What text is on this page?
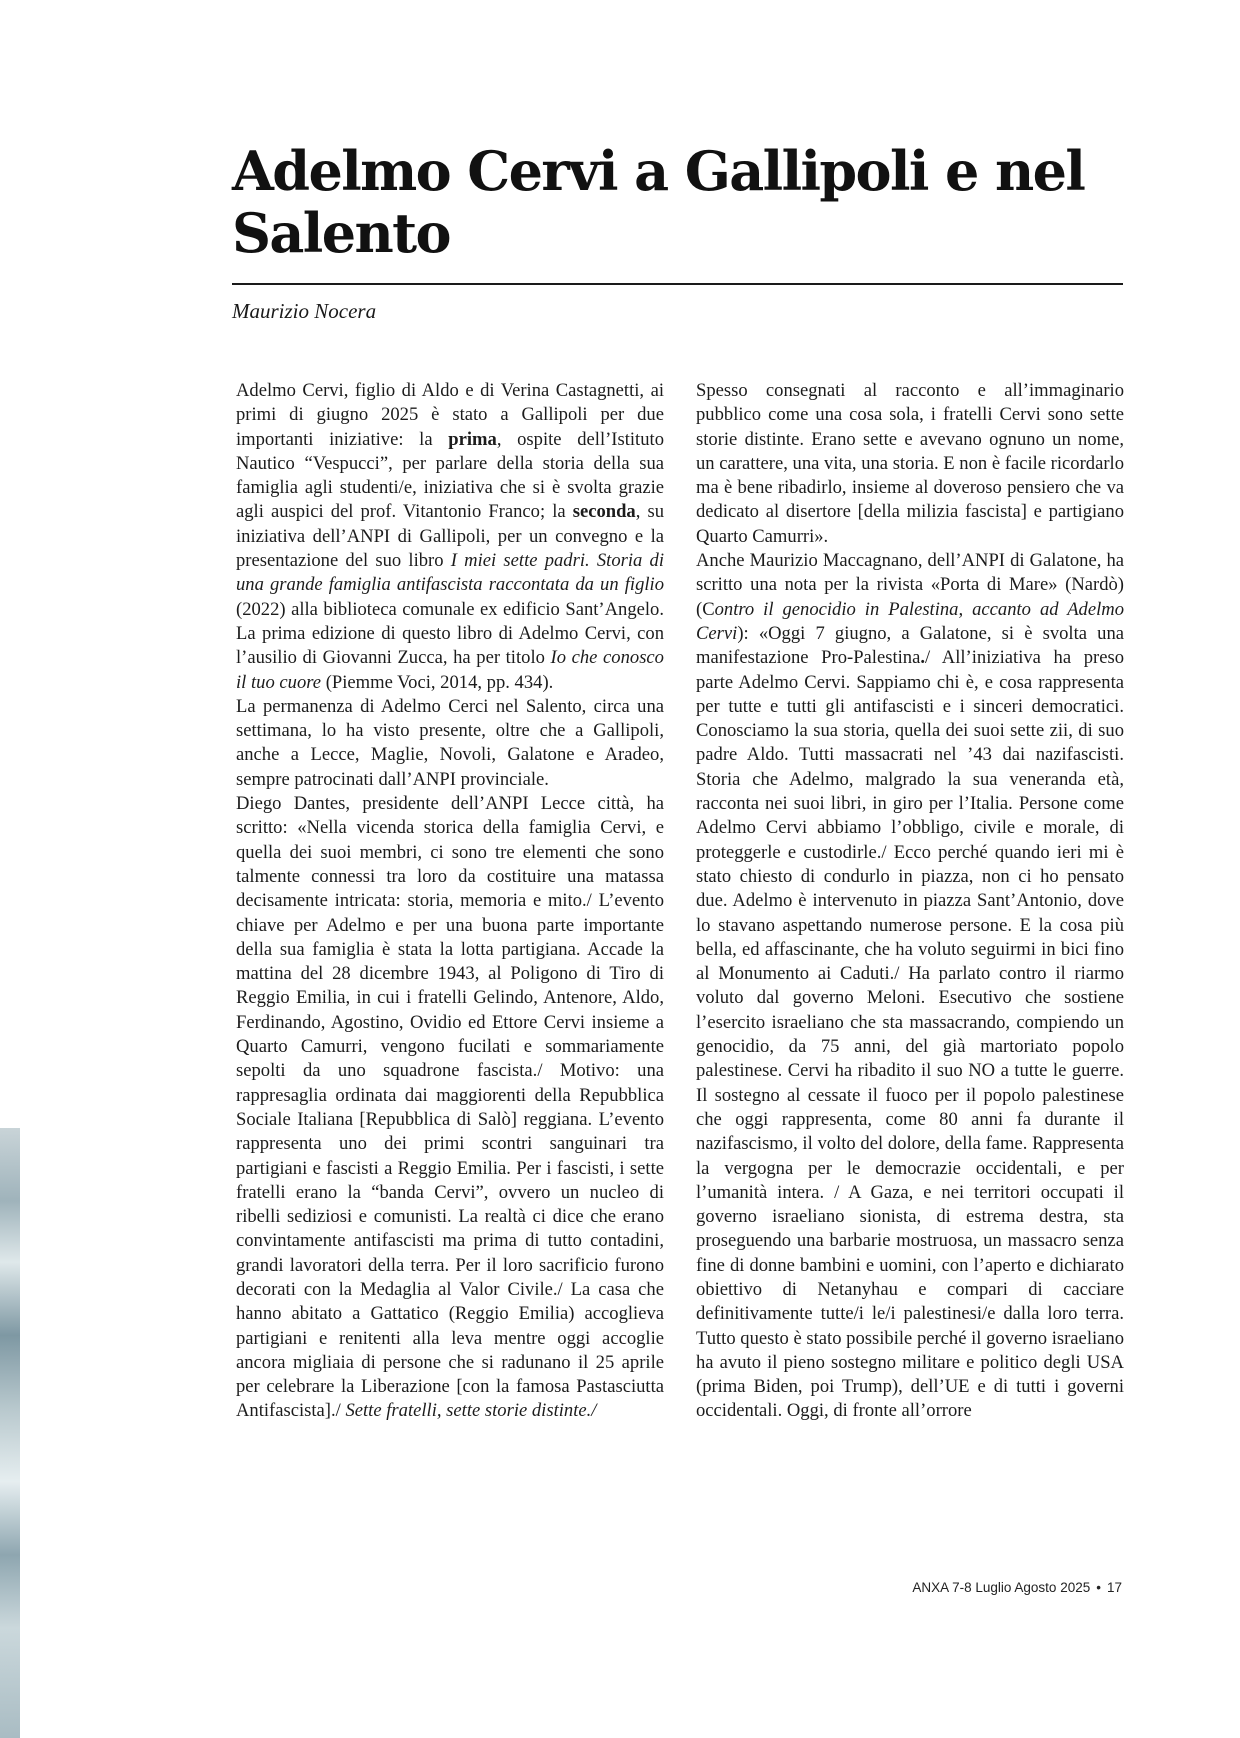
Adelmo Cervi a Gallipoli e nel Salento
Maurizio Nocera

Adelmo Cervi, figlio di Aldo e di Verina Castagnetti, ai primi di giugno 2025 è stato a Gallipoli per due importanti iniziative: la prima, ospite dell’Istituto Nautico “Vespucci”, per parlare della storia della sua famiglia agli studenti/e, iniziativa che si è svolta grazie agli auspici del prof. Vitantonio Franco; la seconda, su iniziativa dell’ANPI di Gallipoli, per un convegno e la presentazione del suo libro I miei sette padri. Storia di una grande famiglia antifascista raccontata da un figlio (2022) alla biblioteca comunale ex edificio Sant’Angelo. La prima edizione di questo libro di Adelmo Cervi, con l’ausilio di Giovanni Zucca, ha per titolo Io che conosco il tuo cuore (Piemme Voci, 2014, pp. 434).

La permanenza di Adelmo Cerci nel Salento, circa una settimana, lo ha visto presente, oltre che a Gallipoli, anche a Lecce, Maglie, Novoli, Galatone e Aradeo, sempre patrocinati dall’ANPI provinciale.

Diego Dantes, presidente dell’ANPI Lecce città, ha scritto: «Nella vicenda storica della famiglia Cervi, e quella dei suoi membri, ci sono tre elementi che sono talmente connessi tra loro da costituire una matassa decisamente intricata: storia, memoria e mito./ L’evento chiave per Adelmo e per una buona parte importante della sua famiglia è stata la lotta partigiana. Accade la mattina del 28 dicembre 1943, al Poligono di Tiro di Reggio Emilia, in cui i fratelli Gelindo, Antenore, Aldo, Ferdinando, Agostino, Ovidio ed Ettore Cervi insieme a Quarto Camurri, vengono fucilati e sommariamente sepolti da uno squadrone fascista./ Motivo: una rappresaglia ordinata dai maggiorenti della Repubblica Sociale Italiana [Repubblica di Salò] reggiana. L’evento rappresenta uno dei primi scontri sanguinari tra partigiani e fascisti a Reggio Emilia. Per i fascisti, i sette fratelli erano la “banda Cervi”, ovvero un nucleo di ribelli sediziosi e comunisti. La realtà ci dice che erano convintamente antifascisti ma prima di tutto contadini, grandi lavoratori della terra. Per il loro sacrificio furono decorati con la Medaglia al Valor Civile./ La casa che hanno abitato a Gattatico (Reggio Emilia) accoglieva partigiani e renitenti alla leva mentre oggi accoglie ancora migliaia di persone che si radunano il 25 aprile per celebrare la Liberazione [con la famosa Pastasciutta Antifascista]./ Sette fratelli, sette storie distinte./

Spesso consegnati al racconto e all’immaginario pubblico come una cosa sola, i fratelli Cervi sono sette storie distinte. Erano sette e avevano ognuno un nome, un carattere, una vita, una storia. E non è facile ricordarlo ma è bene ribadirlo, insieme al doveroso pensiero che va dedicato al disertore [della milizia fascista] e partigiano Quarto Camurri».

Anche Maurizio Maccagnano, dell’ANPI di Galatone, ha scritto una nota per la rivista «Porta di Mare» (Nardò) (Contro il genocidio in Palestina, accanto ad Adelmo Cervi): «Oggi 7 giugno, a Galatone, si è svolta una manifestazione Pro-Palestina./ All’iniziativa ha preso parte Adelmo Cervi. Sappiamo chi è, e cosa rappresenta per tutte e tutti gli antifascisti e i sinceri democratici. Conosciamo la sua storia, quella dei suoi sette zii, di suo padre Aldo. Tutti massacrati nel ’43 dai nazifascisti. Storia che Adelmo, malgrado la sua veneranda età, racconta nei suoi libri, in giro per l’Italia. Persone come Adelmo Cervi abbiamo l’obbligo, civile e morale, di proteggerle e custodirle./ Ecco perché quando ieri mi è stato chiesto di condurlo in piazza, non ci ho pensato due. Adelmo è intervenuto in piazza Sant’Antonio, dove lo stavano aspettando numerose persone. E la cosa più bella, ed affascinante, che ha voluto seguirmi in bici fino al Monumento ai Caduti./ Ha parlato contro il riarmo voluto dal governo Meloni. Esecutivo che sostiene l’esercito israeliano che sta massacrando, compiendo un genocidio, da 75 anni, del già martoriato popolo palestinese. Cervi ha ribadito il suo NO a tutte le guerre. Il sostegno al cessate il fuoco per il popolo palestinese che oggi rappresenta, come 80 anni fa durante il nazifascismo, il volto del dolore, della fame. Rappresenta la vergogna per le democrazie occidentali, e per l’umanità intera. / A Gaza, e nei territori occupati il governo israeliano sionista, di estrema destra, sta proseguendo una barbarie mostruosa, un massacro senza fine di donne bambini e uomini, con l’aperto e dichiarato obiettivo di Netanyhau e compari di cacciare definitivamente tutte/i le/i palestinesi/e dalla loro terra. Tutto questo è stato possibile perché il governo israeliano ha avuto il pieno sostegno militare e politico degli USA (prima Biden, poi Trump), dell’UE e di tutti i governi occidentali. Oggi, di fronte all’orrore

ANXA 7-8 Luglio Agosto 2025 • 17
